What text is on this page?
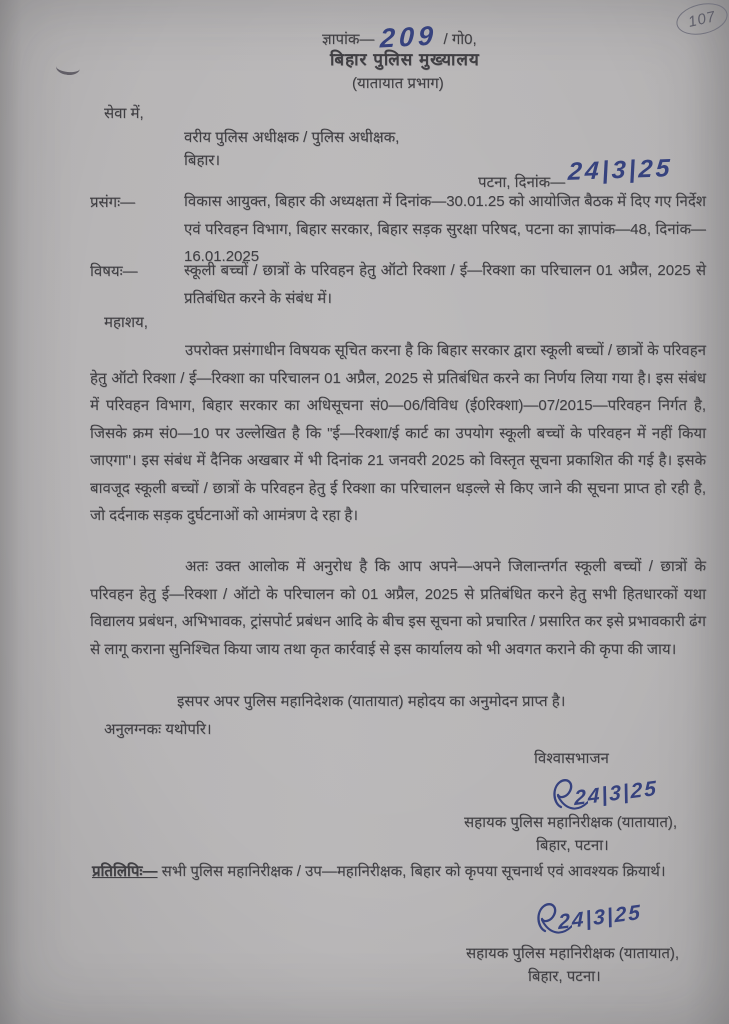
107
ज्ञापांक— 209 / गो0,
बिहार पुलिस मुख्यालय
(यातायात प्रभाग)
सेवा में,
वरीय पुलिस अधीक्षक / पुलिस अधीक्षक,
बिहार।
पटना, दिनांक— 24|3|25
प्रसंगः—	विकास आयुक्त, बिहार की अध्यक्षता में दिनांक—30.01.25 को आयोजित बैठक में दिए गए निर्देश एवं परिवहन विभाग, बिहार सरकार, बिहार सड़क सुरक्षा परिषद, पटना का ज्ञापांक—48, दिनांक— 16.01.2025
विषयः—	स्कूली बच्चों / छात्रों के परिवहन हेतु ऑटो रिक्शा / ई—रिक्शा का परिचालन 01 अप्रैल, 2025 से प्रतिबंधित करने के संबंध में।
महाशय,
उपरोक्त प्रसंगाधीन विषयक सूचित करना है कि बिहार सरकार द्वारा स्कूली बच्चों / छात्रों के परिवहन हेतु ऑटो रिक्शा / ई—रिक्शा का परिचालन 01 अप्रैल, 2025 से प्रतिबंधित करने का निर्णय लिया गया है। इस संबंध में परिवहन विभाग, बिहार सरकार का अधिसूचना सं0—06/विविध (ई0रिक्शा)—07/2015—परिवहन निर्गत है, जिसके क्रम सं0—10 पर उल्लेखित है कि "ई—रिक्शा/ई कार्ट का उपयोग स्कूली बच्चों के परिवहन में नहीं किया जाएगा"। इस संबंध में दैनिक अखबार में भी दिनांक 21 जनवरी 2025 को विस्तृत सूचना प्रकाशित की गई है। इसके बावजूद स्कूली बच्चों / छात्रों के परिवहन हेतु ई रिक्शा का परिचालन धड़ल्ले से किए जाने की सूचना प्राप्त हो रही है, जो दर्दनाक सड़क दुर्घटनाओं को आमंत्रण दे रहा है।
अतः उक्त आलोक में अनुरोध है कि आप अपने—अपने जिलान्तर्गत स्कूली बच्चों / छात्रों के परिवहन हेतु ई—रिक्शा / ऑटो के परिचालन को 01 अप्रैल, 2025 से प्रतिबंधित करने हेतु सभी हितधारकों यथा विद्यालय प्रबंधन, अभिभावक, ट्रांसपोर्ट प्रबंधन आदि के बीच इस सूचना को प्रचारित / प्रसारित कर इसे प्रभावकारी ढंग से लागू कराना सुनिश्चित किया जाय तथा कृत कार्रवाई से इस कार्यालय को भी अवगत कराने की कृपा की जाय।
इसपर अपर पुलिस महानिदेशक (यातायात) महोदय का अनुमोदन प्राप्त है।
अनुलग्नकः यथोपरि।
विश्वासभाजन
24|3|25
सहायक पुलिस महानिरीक्षक (यातायात),
बिहार, पटना।
प्रतिलिपिः— सभी पुलिस महानिरीक्षक / उप—महानिरीक्षक, बिहार को कृपया सूचनार्थ एवं आवश्यक क्रियार्थ।
24|3|25
सहायक पुलिस महानिरीक्षक (यातायात),
बिहार, पटना।
